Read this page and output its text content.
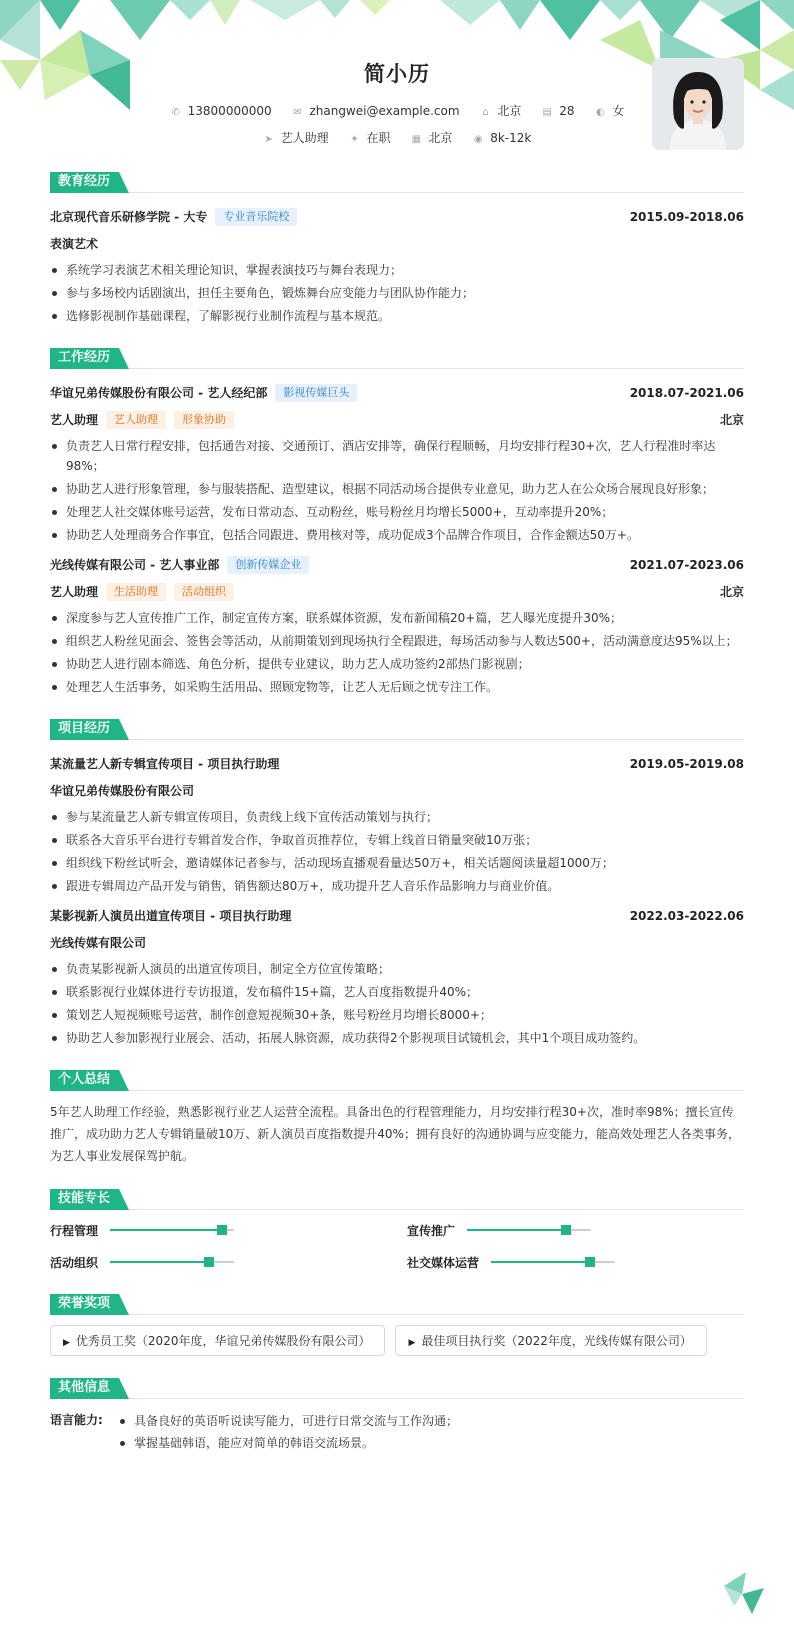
简小历
✆ 13800000000 ✉ zhangwei@example.com ⌂ 北京 ▤ 28 ◐ 女
➤ 艺人助理 ✦ 在职 ▦ 北京 ◉ 8k-12k
教育经历
北京现代音乐研修学院 - 大专	专业音乐院校	2015.09-2018.06
表演艺术
系统学习表演艺术相关理论知识，掌握表演技巧与舞台表现力；
参与多场校内话剧演出，担任主要角色，锻炼舞台应变能力与团队协作能力；
选修影视制作基础课程，了解影视行业制作流程与基本规范。
工作经历
华谊兄弟传媒股份有限公司 - 艺人经纪部	影视传媒巨头	2018.07-2021.06
艺人助理	艺人助理	形象协助	北京
负责艺人日常行程安排，包括通告对接、交通预订、酒店安排等，确保行程顺畅，月均安排行程30+次，艺人行程准时率达98%；
协助艺人进行形象管理，参与服装搭配、造型建议，根据不同活动场合提供专业意见，助力艺人在公众场合展现良好形象；
处理艺人社交媒体账号运营，发布日常动态、互动粉丝，账号粉丝月均增长5000+，互动率提升20%；
协助艺人处理商务合作事宜，包括合同跟进、费用核对等，成功促成3个品牌合作项目，合作金额达50万+。
光线传媒有限公司 - 艺人事业部	创新传媒企业	2021.07-2023.06
艺人助理	生活助理	活动组织	北京
深度参与艺人宣传推广工作，制定宣传方案，联系媒体资源，发布新闻稿20+篇，艺人曝光度提升30%；
组织艺人粉丝见面会、签售会等活动，从前期策划到现场执行全程跟进，每场活动参与人数达500+，活动满意度达95%以上；
协助艺人进行剧本筛选、角色分析，提供专业建议，助力艺人成功签约2部热门影视剧；
处理艺人生活事务，如采购生活用品、照顾宠物等，让艺人无后顾之忧专注工作。
项目经历
某流量艺人新专辑宣传项目 - 项目执行助理	2019.05-2019.08
华谊兄弟传媒股份有限公司
参与某流量艺人新专辑宣传项目，负责线上线下宣传活动策划与执行；
联系各大音乐平台进行专辑首发合作，争取首页推荐位，专辑上线首日销量突破10万张；
组织线下粉丝试听会，邀请媒体记者参与，活动现场直播观看量达50万+，相关话题阅读量超1000万；
跟进专辑周边产品开发与销售，销售额达80万+，成功提升艺人音乐作品影响力与商业价值。
某影视新人演员出道宣传项目 - 项目执行助理	2022.03-2022.06
光线传媒有限公司
负责某影视新人演员的出道宣传项目，制定全方位宣传策略；
联系影视行业媒体进行专访报道，发布稿件15+篇，艺人百度指数提升40%；
策划艺人短视频账号运营，制作创意短视频30+条，账号粉丝月均增长8000+；
协助艺人参加影视行业展会、活动，拓展人脉资源，成功获得2个影视项目试镜机会，其中1个项目成功签约。
个人总结
5年艺人助理工作经验，熟悉影视行业艺人运营全流程。具备出色的行程管理能力，月均安排行程30+次，准时率98%；擅长宣传推广，成功助力艺人专辑销量破10万、新人演员百度指数提升40%；拥有良好的沟通协调与应变能力，能高效处理艺人各类事务，为艺人事业发展保驾护航。
技能专长
行程管理	宣传推广
活动组织	社交媒体运营
荣誉奖项
▶ 优秀员工奖（2020年度，华谊兄弟传媒股份有限公司）	▶ 最佳项目执行奖（2022年度，光线传媒有限公司）
其他信息
语言能力:	具备良好的英语听说读写能力，可进行日常交流与工作沟通；
掌握基础韩语，能应对简单的韩语交流场景。
